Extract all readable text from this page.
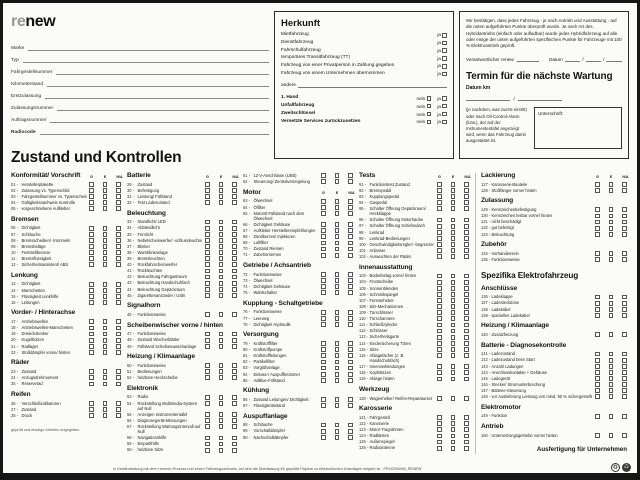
renew
Marke
Typ
Fahrgestellnummer
Kilometerstand
Erstzulassung
Zulassungsnummer
Auftragsnummer
Radiocode
Zustand und Kontrollen
Herkunft
Mietfahrzeug	ja
Dienstfahrzeug	ja
Fahrschulfahrzeug	ja
temporäres Transitfahrzeug (TT)	ja
Fahrzeug von einer Privatperson in Zahlung gegeben	ja
Fahrzeug von einem Unternehmen übernommen	ja
andere
1. Hand	nein	ja
Unfallfahrzeug	nein	ja
Zweitschlüssel	nein	ja
Vernetzte Services zurückzusetzen	nein	ja
Wir bestätigen, dass jedes Fahrzeug - je nach Antrieb und Ausstattung - auf die unten aufgeführten Punkte überprüft wurde. Je nach Art des Hybridantriebs (einfach oder aufladbar) wurde jedes Hybridfahrzeug auf alle oder einige der unten aufgeführten spezifischen Punkte für Fahrzeuge mit 100 % Elektroantrieb geprüft.
Verantwortlicher renew	Datum	/	/
Termin für die nächste Wartung
Datum km
/
(je nachdem, was zuerst eintritt) oder nach Oil-Control-Alarm (bzw.), der auf der Instrumententafel angezeigt wird, wenn das Fahrzeug damit ausgestattet ist.
Unterschrift:
Konformität/ Vorschrift	G	E	N/A
01 - Herstellerplakette
02 - Zulassung vs. Typenschild
03 - Fahrgestellnummer vs. Typenschein
04 - Gültigkeitsnachweis Kontrolle
05 - vorgeschriebene Aufkleber
Bremsen
06 - Dichtigkeit
07 - Schläuche
08 - Bremsscheiben/ -trommeln
09 - Bremsbeläge
10 - Feststellbremse
11 - Bremsflüssigkeit
12 - Sicherheitsassistent/ ABS
Lenkung
13 - Dichtigkeit
14 - Manschetten
15 - Flüssigkeit Lenkhilfe
16 - Leitungen
Vorder- / Hinterachse
17 - Antriebswellen
18 - Antriebswellen-Manschetten
19 - Dreieckslenker
20 - Kugelbolzen
21 - Radlager
22 - Stoßdämpfer vorne/ hinten
Räder
23 - Zustand
24 - Anzugsdrehmoment
25 - Reserverad
Reifen
26 - Verschleißindikatoren
27 - Zustand
28 - Druck
geprüft und etwaige Arbeiten angegeben
Batterie	G	E	N/A
29 - Zustand
30 - Befestigung
31 - Leistung/ Füllstand
32 - Test Ladezustand
Beleuchtung
33 - Standlicht/ LED
34 - Abblendlicht
35 - Fernlicht
36 - Nebelscheinwerfer/ -schlussleuchte
37 - Blinker
38 - Warnblinkanlage
39 - Bremsleuchten
40 - Rückfahrscheinwerfer
41 - Rückleuchten
42 - Beleuchtung Fahrgastraum
43 - Beleuchtung Handschuhfach
44 - Beleuchtung Gepäckraum
45 - Zigarettenanzünder / USB
Signalhorn
46 - Funktionsweise
Scheibenwischer vorne / hinten
47 - Funktionsweise
48 - Zustand Wischerblätter
49 - Füllstand Scheibenwaschanlage
Heizung / Klimaanlage
50 - Funktionsweise
51 - Bedienungen
52 - heizbare Heckscheibe
Elektronik
53 - Radio
54 - Rückstellung Multimedia-System auf Null
55 - Anzeigen Instrumententafel
56 - Diagnosegerät-Messungen
57 - Rückstellung Wartungsintervall auf Null
58 - Navigationshilfe
59 - Einparkhilfe
60 - heizbare Sitze
61 - 12-V-Anschlüsse (USB)
62 - Steuerung/ Zentralverriegelung
Motor	G	E	N/A
63 - Ölwechsel
64 - Ölfilter
65 - Motoröl-Füllstand nach dem Ölwechsel
66 - Dichtigkeit Gehäuse
67 - Aufkleber Herstellerempfehlungen
68 - Zündkerzen/ Injektoren
69 - Luftfilter
70 - Zustand Riemen
71 - Zubehörriemen
Getriebe / Achsantrieb
72 - Funktionsweise
73 - Ölwechsel
74 - Dichtigkeit Gehäuse
75 - Wahlschalter
Kupplung - Schaltgetriebe
76 - Funktionsweise
77 - Leerweg
78 - Dichtigkeit Hydraulik
Versorgung
79 - Kraftstofffilter
80 - Kraftstoffpumpe
81 - Kraftstoffleitungen
82 - Partikelfilter
83 - Vorglühanlage
84 - Einlass-/ Auspuffkrümmer
85 - AdBlue-Füllstand
Kühlung
86 - Zustand Leitungen/ Dichtigkeit
87 - Flüssigkeitsstand
Auspuffanlage
88 - Schläuche
89 - Vorschalldämpfer
90 - Nachschalldämpfer
Tests	G	E	N/A
91 - Funktionstest Zustand
92 - Bremspedal
93 - Kupplungspedal
94 - Gaspedal
95 - Schalter Öffnung Gepäckraum/ Heckklappe
96 - Schalter Öffnung Motorhaube
97 - Schalter Öffnung Schiebedach
98 - Lenkrad
99 - Lenkrad-Bedienungen
100 - Geschwindigkeitsregler/ -begrenzer
101 - Anlasser
102 - Auswuchten der Räder
Innenausstattung
103 - Bodenbelag vorne/ hinten
104 - Frontscheibe
105 - Sonnenblenden
106 - Schminkspiegel
107 - Fensterheber
108 - Sitz-Mechanismen
109 - Türschlösser
110 - Türscharniere
111 - Schließzylinder
112 - Schlösser
113 - Sicherheitsgurte
114 - Kindersicherung Türen
115 - Sitze
116 - Ablagefächer (z. B. Handschuhfach)
117 - Innenverkleidungen
118 - Kopfstützen
119 - Ablage hinten
Werkzeug
120 - Wagenheber/ Reifen-Reparaturset
Karosserie
121 - Fahrgestell
122 - Karosserie
123 - Motor-Tragrahmen
124 - Radkästen
125 - Außenspiegel
126 - Radioantenne
Lackierung	G	E	N/A
127 - Karosserie-Bauteile
128 - Stoßfänger vorne/ hinten
Zulassung
129 - Kennzeichenbefestigung
130 - Kennzeichen lesbar vorne/ hinten
131 - nicht beschädigt
132 - gut befestigt
133 - Beleuchtung
Zubehör
134 - Vorhandensein
135 - Funktionsweise
Spezifika Elektrofahrzeug
Anschlüsse
136 - Ladeklappe
137 - Ladesteckdose
138 - Ladekabel
139 - spezielles Ladekabel
Heizung / Klimaanlage
140 - Zusatzheizung
Batterie - Diagnosekontrolle
141 - Ladezustand
142 - Ladezustand beim Start
143 - Anzahl Ladungen
144 - Anschlusskontakte + Gehäuse
145 - Ladegerät
146 - Stecker/ Stromunterbrechung
147 - Batterie-Steuerung
148 - vor Auslieferung Leistung von mind. 90 % sichergestellt
Elektromotor
149 - Funktion
Antrieb
150 - Untersetzungsgetriebe vorne/ hinten
Ausfertigung für Unternehmen
in Gewährleistung mit dem «renew»-Prozess und einem Fahrzeugnachweis, bei dem die Überlassung für geprüfte Papiere zu elektronischen Unterlagen möglich ist - PROGRAMM_RENEW	♻	♺
